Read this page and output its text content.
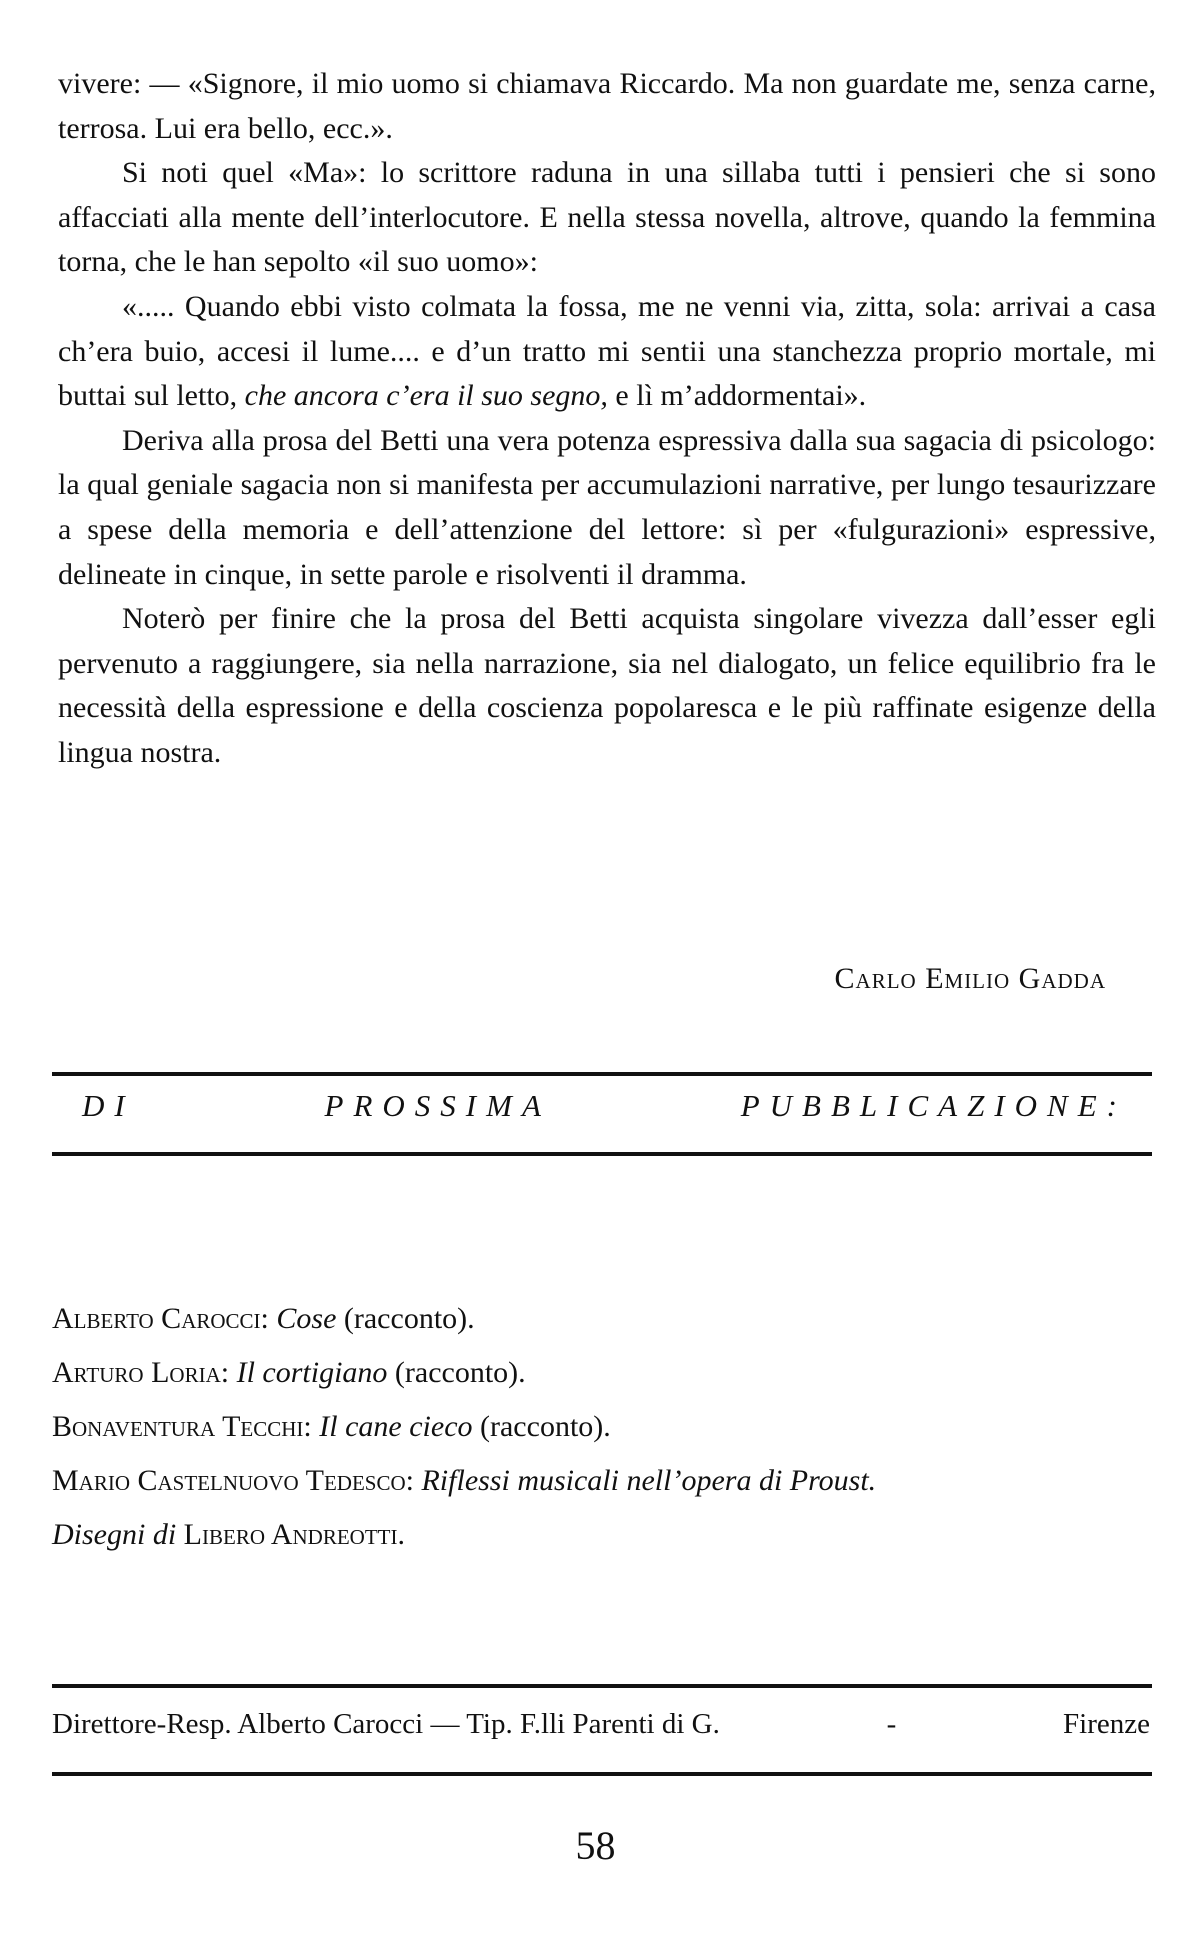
vivere: — «Signore, il mio uomo si chiamava Riccardo. Ma non guardate me, senza carne, terrosa. Lui era bello, ecc.».

Si noti quel «Ma»: lo scrittore raduna in una sillaba tutti i pensieri che si sono affacciati alla mente dell’interlocutore. E nella stessa novella, altrove, quando la femmina torna, che le han sepolto «il suo uomo»:

«..... Quando ebbi visto colmata la fossa, me ne venni via, zitta, sola: arrivai a casa ch’era buio, accesi il lume.... e d’un tratto mi sentii una stanchezza proprio mortale, mi buttai sul letto, che ancora c’era il suo segno, e lì m’addormentai».

Deriva alla prosa del Betti una vera potenza espressiva dalla sua sagacia di psicologo: la qual geniale sagacia non si manifesta per accumulazioni narrative, per lungo tesaurizzare a spese della memoria e dell’attenzione del lettore: sì per «fulgurazioni» espressive, delineate in cinque, in sette parole e risolventi il dramma.

Noterò per finire che la prosa del Betti acquista singolare vivezza dall’esser egli pervenuto a raggiungere, sia nella narrazione, sia nel dialogato, un felice equilibrio fra le necessità della espressione e della coscienza popolaresca e le più raffinate esigenze della lingua nostra.

Carlo Emilio Gadda
DI	PROSSIMA	PUBBLICAZIONE:
Alberto Carocci: Cose (racconto).
Arturo Loria: Il cortigiano (racconto).
Bonaventura Tecchi: Il cane cieco (racconto).
Mario Castelnuovo Tedesco: Riflessi musicali nell’opera di Proust.
Disegni di Libero Andreotti.
Direttore-Resp. Alberto Carocci — Tip. F.lli Parenti di G.	-	Firenze
58
